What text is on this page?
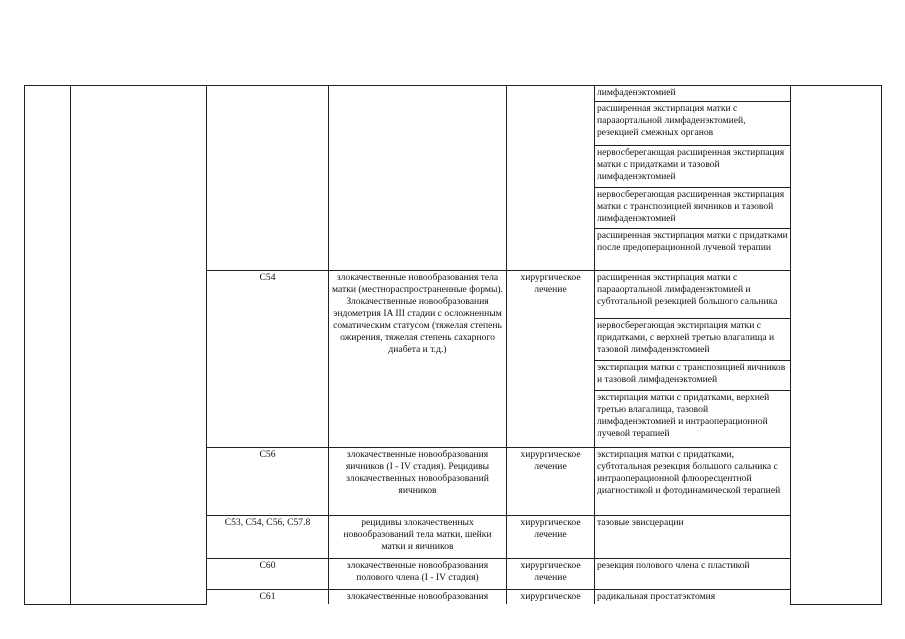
					лимфаденэктомией	
					расширенная экстирпация матки с парааортальной лимфаденэктомией, резекцией смежных органов	
					нервосберегающая расширенная экстирпация матки с придатками и тазовой лимфаденэктомией	
					нервосберегающая расширенная экстирпация матки с транспозицией яичников и тазовой лимфаденэктомией	
					расширенная экстирпация матки с придатками после предоперационной лучевой терапии	
		C54	злокачественные новообразования тела матки (местнораспространенные формы). Злокачественные новообразования эндометрия IA III стадии с осложненным соматическим статусом (тяжелая степень ожирения, тяжелая степень сахарного диабета и т.д.)	хирургическое лечение	расширенная экстирпация матки с парааортальной лимфаденэктомией и субтотальной резекцией большого сальника	
					нервосберегающая экстирпация матки с придатками, с верхней третью влагалища и тазовой лимфаденэктомией	
					экстирпация матки с транспозицией яичников и тазовой лимфаденэктомией	
					экстирпация матки с придатками, верхней третью влагалища, тазовой лимфаденэктомией и интраоперационной лучевой терапией	
		C56	злокачественные новообразования яичников (I - IV стадия). Рецидивы злокачественных новообразований яичников	хирургическое лечение	экстирпация матки с придатками, субтотальная резекция большого сальника с интраоперационной флюоресцентной диагностикой и фотодинамической терапией	
		C53, C54, C56, C57.8	рецидивы злокачественных новообразований тела матки, шейки матки и яичников	хирургическое лечение	тазовые эвисцерации	
		C60	злокачественные новообразования полового члена (I - IV стадия)	хирургическое лечение	резекция полового члена с пластикой	
		C61	злокачественные новообразования	хирургическое	радикальная простатэктомия	
